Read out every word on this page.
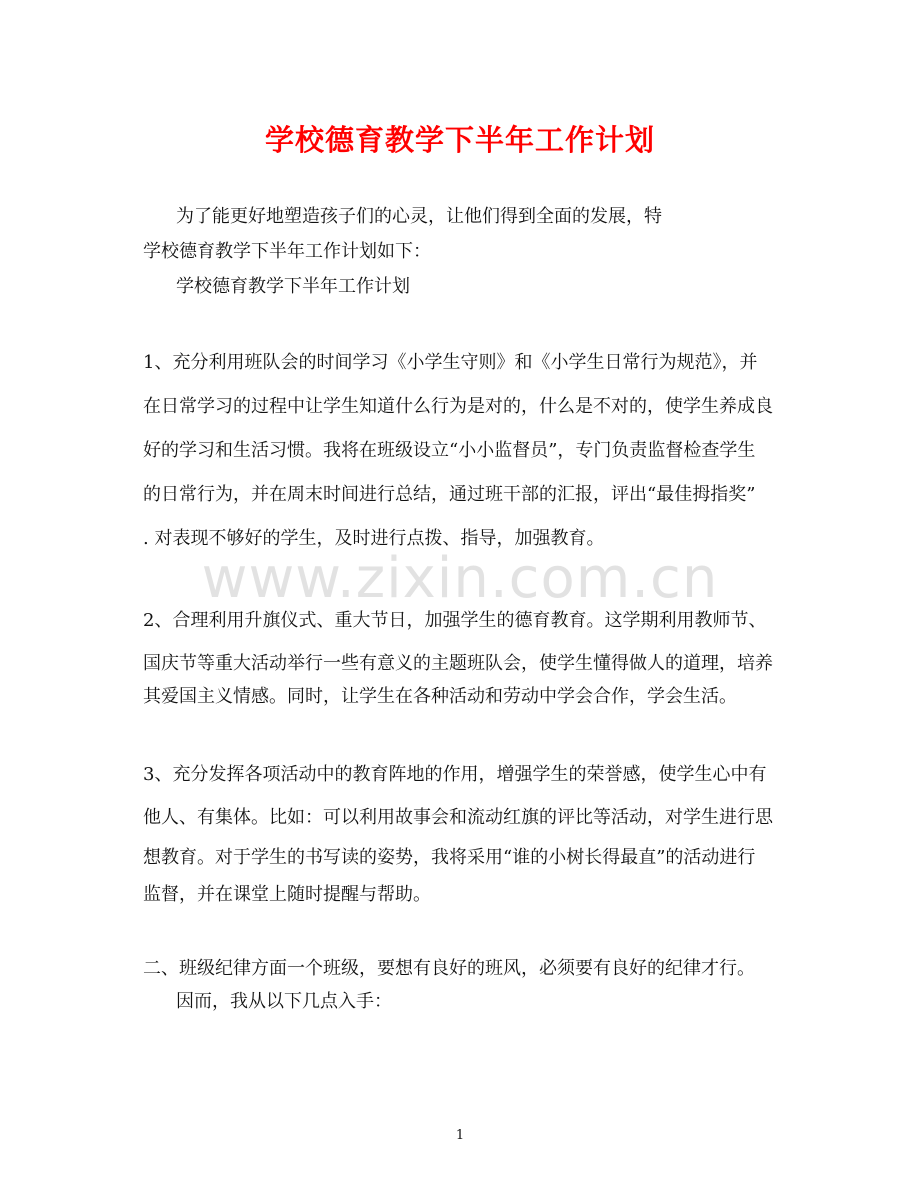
学校德育教学下半年工作计划
为了能更好地塑造孩子们的心灵，让他们得到全面的发展，特
学校德育教学下半年工作计划如下：
学校德育教学下半年工作计划
1、充分利用班队会的时间学习《小学生守则》和《小学生日常行为规范》，并
在日常学习的过程中让学生知道什么行为是对的，什么是不对的，使学生养成良
好的学习和生活习惯。我将在班级设立“小小监督员”，专门负责监督检查学生
的日常行为，并在周末时间进行总结，通过班干部的汇报，评出“最佳拇指奖”
. 对表现不够好的学生，及时进行点拨、指导，加强教育。
www.zixin.com.cn
2、合理利用升旗仪式、重大节日，加强学生的德育教育。这学期利用教师节、
国庆节等重大活动举行一些有意义的主题班队会，使学生懂得做人的道理，培养
其爱国主义情感。同时，让学生在各种活动和劳动中学会合作，学会生活。
3、充分发挥各项活动中的教育阵地的作用，增强学生的荣誉感，使学生心中有
他人、有集体。比如：可以利用故事会和流动红旗的评比等活动，对学生进行思
想教育。对于学生的书写读的姿势，我将采用“谁的小树长得最直”的活动进行
监督，并在课堂上随时提醒与帮助。
二、班级纪律方面一个班级，要想有良好的班风，必须要有良好的纪律才行。
因而，我从以下几点入手：
1
